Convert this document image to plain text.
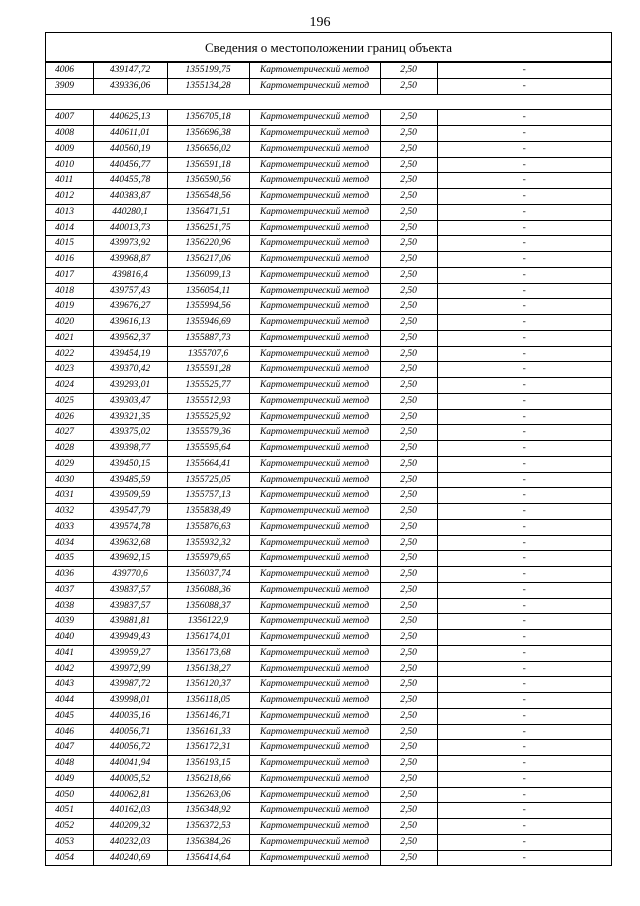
196
Сведения о местоположении границ объекта
4006	439147,72	1355199,75	Картометрический метод	2,50	-
3909	439336,06	1355134,28	Картометрический метод	2,50	-

4007	440625,13	1356705,18	Картометрический метод	2,50	-
4008	440611,01	1356696,38	Картометрический метод	2,50	-
4009	440560,19	1356656,02	Картометрический метод	2,50	-
4010	440456,77	1356591,18	Картометрический метод	2,50	-
4011	440455,78	1356590,56	Картометрический метод	2,50	-
4012	440383,87	1356548,56	Картометрический метод	2,50	-
4013	440280,1	1356471,51	Картометрический метод	2,50	-
4014	440013,73	1356251,75	Картометрический метод	2,50	-
4015	439973,92	1356220,96	Картометрический метод	2,50	-
4016	439968,87	1356217,06	Картометрический метод	2,50	-
4017	439816,4	1356099,13	Картометрический метод	2,50	-
4018	439757,43	1356054,11	Картометрический метод	2,50	-
4019	439676,27	1355994,56	Картометрический метод	2,50	-
4020	439616,13	1355946,69	Картометрический метод	2,50	-
4021	439562,37	1355887,73	Картометрический метод	2,50	-
4022	439454,19	1355707,6	Картометрический метод	2,50	-
4023	439370,42	1355591,28	Картометрический метод	2,50	-
4024	439293,01	1355525,77	Картометрический метод	2,50	-
4025	439303,47	1355512,93	Картометрический метод	2,50	-
4026	439321,35	1355525,92	Картометрический метод	2,50	-
4027	439375,02	1355579,36	Картометрический метод	2,50	-
4028	439398,77	1355595,64	Картометрический метод	2,50	-
4029	439450,15	1355664,41	Картометрический метод	2,50	-
4030	439485,59	1355725,05	Картометрический метод	2,50	-
4031	439509,59	1355757,13	Картометрический метод	2,50	-
4032	439547,79	1355838,49	Картометрический метод	2,50	-
4033	439574,78	1355876,63	Картометрический метод	2,50	-
4034	439632,68	1355932,32	Картометрический метод	2,50	-
4035	439692,15	1355979,65	Картометрический метод	2,50	-
4036	439770,6	1356037,74	Картометрический метод	2,50	-
4037	439837,57	1356088,36	Картометрический метод	2,50	-
4038	439837,57	1356088,37	Картометрический метод	2,50	-
4039	439881,81	1356122,9	Картометрический метод	2,50	-
4040	439949,43	1356174,01	Картометрический метод	2,50	-
4041	439959,27	1356173,68	Картометрический метод	2,50	-
4042	439972,99	1356138,27	Картометрический метод	2,50	-
4043	439987,72	1356120,37	Картометрический метод	2,50	-
4044	439998,01	1356118,05	Картометрический метод	2,50	-
4045	440035,16	1356146,71	Картометрический метод	2,50	-
4046	440056,71	1356161,33	Картометрический метод	2,50	-
4047	440056,72	1356172,31	Картометрический метод	2,50	-
4048	440041,94	1356193,15	Картометрический метод	2,50	-
4049	440005,52	1356218,66	Картометрический метод	2,50	-
4050	440062,81	1356263,06	Картометрический метод	2,50	-
4051	440162,03	1356348,92	Картометрический метод	2,50	-
4052	440209,32	1356372,53	Картометрический метод	2,50	-
4053	440232,03	1356384,26	Картометрический метод	2,50	-
4054	440240,69	1356414,64	Картометрический метод	2,50	-
